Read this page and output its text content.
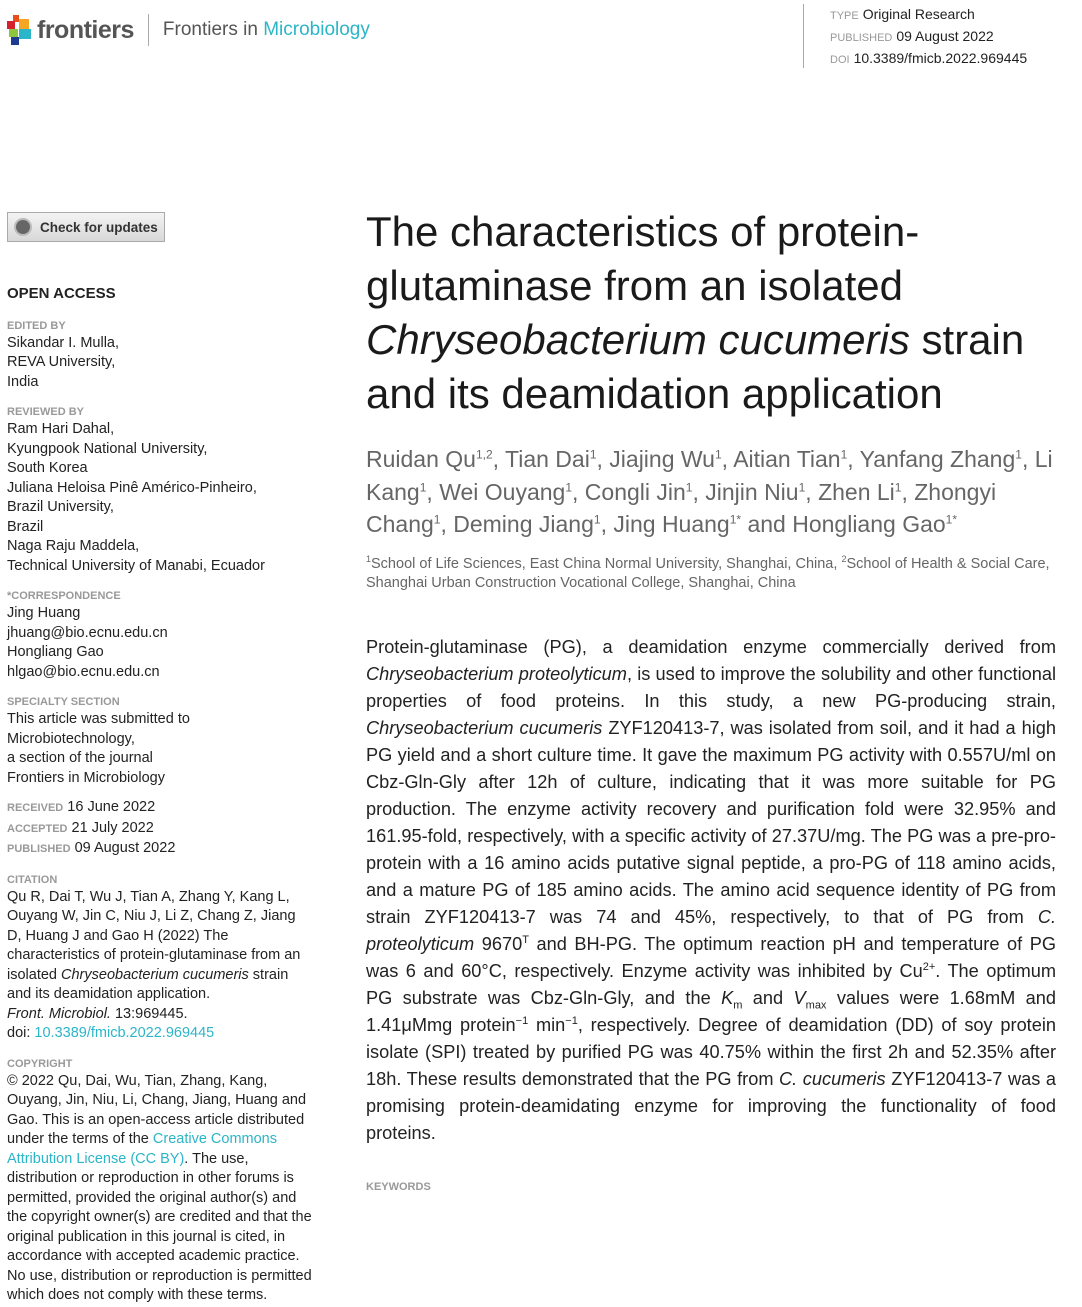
frontiers Frontiers in Microbiology
TYPE Original Research
PUBLISHED 09 August 2022
DOI 10.3389/fmicb.2022.969445
Check for updates
OPEN ACCESS
EDITED BY
Sikandar I. Mulla,
REVA University,
India
REVIEWED BY
Ram Hari Dahal,
Kyungpook National University,
South Korea
Juliana Heloisa Pinê Américo-Pinheiro,
Brazil University,
Brazil
Naga Raju Maddela,
Technical University of Manabi, Ecuador
*CORRESPONDENCE
Jing Huang
jhuang@bio.ecnu.edu.cn
Hongliang Gao
hlgao@bio.ecnu.edu.cn
SPECIALTY SECTION
This article was submitted to
Microbiotechnology,
a section of the journal
Frontiers in Microbiology
RECEIVED 16 June 2022
ACCEPTED 21 July 2022
PUBLISHED 09 August 2022
CITATION
Qu R, Dai T, Wu J, Tian A, Zhang Y, Kang L, Ouyang W, Jin C, Niu J, Li Z, Chang Z, Jiang D, Huang J and Gao H (2022) The characteristics of protein-glutaminase from an isolated Chryseobacterium cucumeris strain and its deamidation application.
Front. Microbiol. 13:969445.
doi: 10.3389/fmicb.2022.969445
COPYRIGHT
© 2022 Qu, Dai, Wu, Tian, Zhang, Kang, Ouyang, Jin, Niu, Li, Chang, Jiang, Huang and Gao. This is an open-access article distributed under the terms of the Creative Commons Attribution License (CC BY). The use, distribution or reproduction in other forums is permitted, provided the original author(s) and the copyright owner(s) are credited and that the original publication in this journal is cited, in accordance with accepted academic practice. No use, distribution or reproduction is permitted which does not comply with these terms.
The characteristics of protein-glutaminase from an isolated Chryseobacterium cucumeris strain and its deamidation application
Ruidan Qu$^{1,2}$, Tian Dai$^1$, Jiajing Wu$^1$, Aitian Tian$^1$, Yanfang Zhang$^1$, Li Kang$^1$, Wei Ouyang$^1$, Congli Jin$^1$, Jinjin Niu$^1$, Zhen Li$^1$, Zhongyi Chang$^1$, Deming Jiang$^1$, Jing Huang$^{1*}$ and Hongliang Gao$^{1*}$
$^1$School of Life Sciences, East China Normal University, Shanghai, China, $^2$School of Health & Social Care, Shanghai Urban Construction Vocational College, Shanghai, China
Protein-glutaminase (PG), a deamidation enzyme commercially derived from Chryseobacterium proteolyticum, is used to improve the solubility and other functional properties of food proteins. In this study, a new PG-producing strain, Chryseobacterium cucumeris ZYF120413-7, was isolated from soil, and it had a high PG yield and a short culture time. It gave the maximum PG activity with 0.557U/ml on Cbz-Gln-Gly after 12h of culture, indicating that it was more suitable for PG production. The enzyme activity recovery and purification fold were 32.95% and 161.95-fold, respectively, with a specific activity of 27.37U/mg. The PG was a pre-pro-protein with a 16 amino acids putative signal peptide, a pro-PG of 118 amino acids, and a mature PG of 185 amino acids. The amino acid sequence identity of PG from strain ZYF120413-7 was 74 and 45%, respectively, to that of PG from C. proteolyticum $9670^T$ and BH-PG. The optimum reaction pH and temperature of PG was 6 and 60°C, respectively. Enzyme activity was inhibited by $Cu^{2+}$. The optimum PG substrate was Cbz-Gln-Gly, and the $K_m$ and $V_{max}$ values were 1.68mM and 1.41μMmg protein$^{-1}$ $\min^{-1}$, respectively. Degree of deamidation (DD) of soy protein isolate (SPI) treated by purified PG was 40.75% within the first 2h and 52.35% after 18h. These results demonstrated that the PG from C. cucumeris ZYF120413-7 was a promising protein-deamidating enzyme for improving the functionality of food proteins.
KEYWORDS
